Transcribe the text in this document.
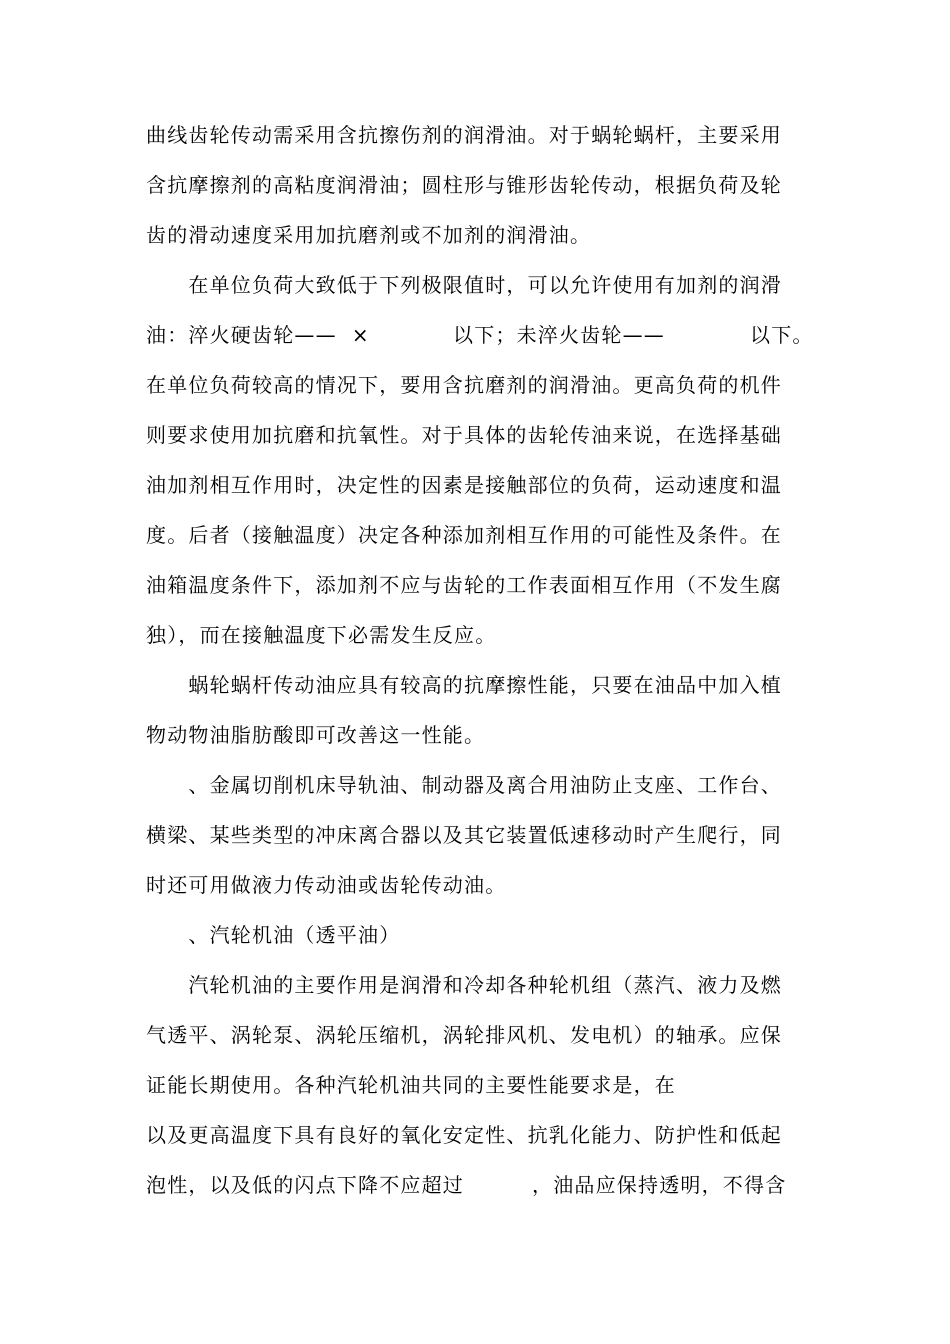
曲线齿轮传动需采用含抗擦伤剂的润滑油。对于蜗轮蜗杆，主要采用
含抗摩擦剂的高粘度润滑油；圆柱形与锥形齿轮传动，根据负荷及轮
齿的滑动速度采用加抗磨剂或不加剂的润滑油。
　　在单位负荷大致低于下列极限值时，可以允许使用有加剂的润滑

油：淬火硬齿轮——  ×

	以下；未淬火齿轮——

	以下。

在单位负荷较高的情况下，要用含抗磨剂的润滑油。更高负荷的机件
则要求使用加抗磨和抗氧性。对于具体的齿轮传油来说，在选择基础
油加剂相互作用时，决定性的因素是接触部位的负荷，运动速度和温
度。后者（接触温度）决定各种添加剂相互作用的可能性及条件。在
油箱温度条件下，添加剂不应与齿轮的工作表面相互作用（不发生腐
独），而在接触温度下必需发生反应。
　　蜗轮蜗杆传动油应具有较高的抗摩擦性能，只要在油品中加入植
物动物油脂肪酸即可改善这一性能。
　　、金属切削机床导轨油、制动器及离合用油防止支座、工作台、
横梁、某些类型的冲床离合器以及其它装置低速移动时产生爬行，同
时还可用做液力传动油或齿轮传动油。
　　、汽轮机油（透平油）
　　汽轮机油的主要作用是润滑和冷却各种轮机组（蒸汽、液力及燃
气透平、涡轮泵、涡轮压缩机，涡轮排风机、发电机）的轴承。应保
证能长期使用。各种汽轮机油共同的主要性能要求是，在
以及更高温度下具有良好的氧化安定性、抗乳化能力、防护性和低起

泡性，以及低的闪点下降不应超过

	，油品应保持透明，不得含
